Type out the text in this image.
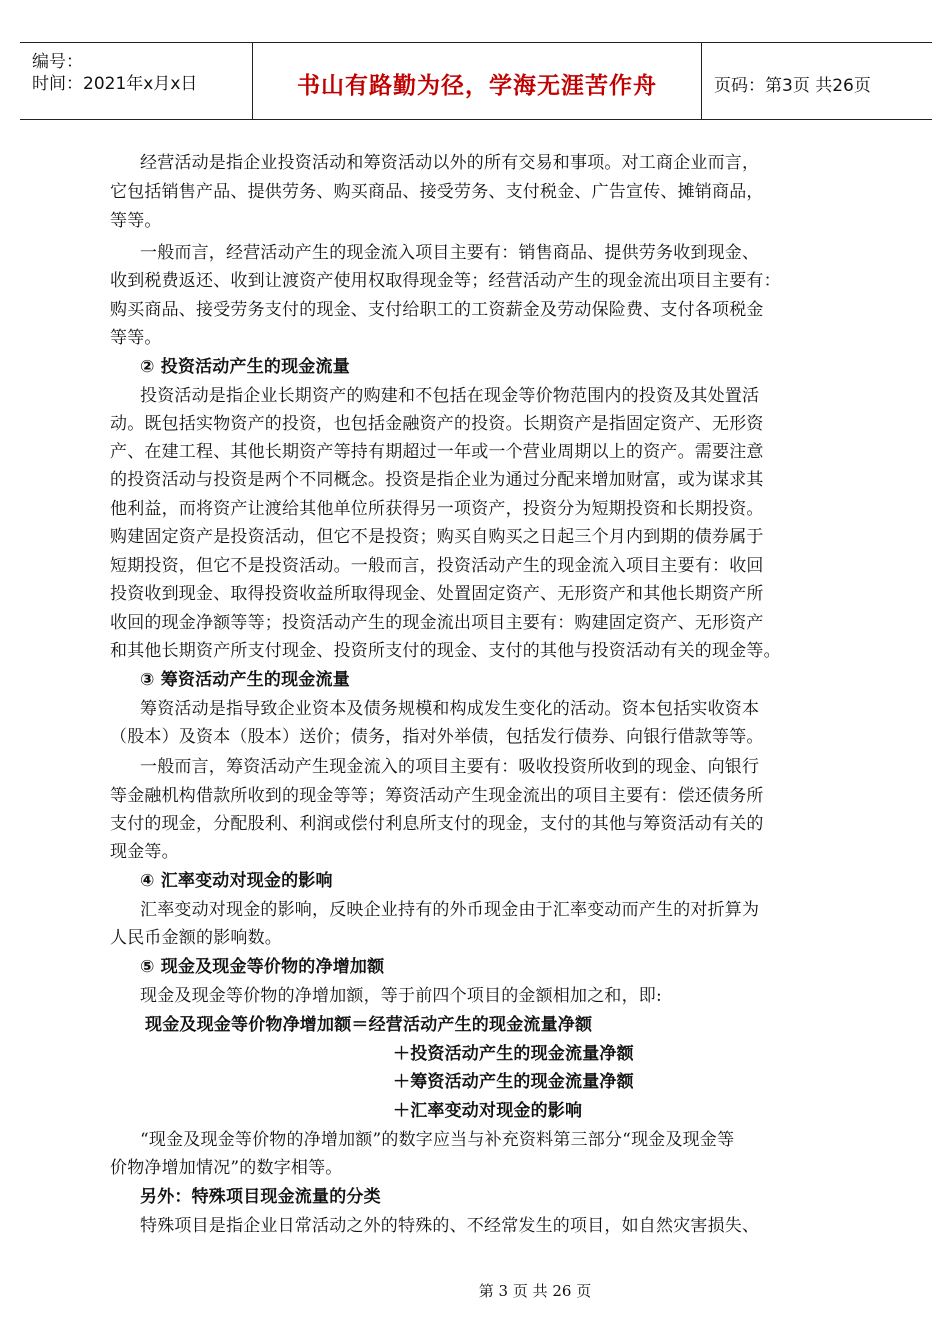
编号：
时间：2021年x月x日	书山有路勤为径，学海无涯苦作舟	页码：第3页 共26页
经营活动是指企业投资活动和筹资活动以外的所有交易和事项。对工商企业而言，
它包括销售产品、提供劳务、购买商品、接受劳务、支付税金、广告宣传、摊销商品，
等等。
一般而言，经营活动产生的现金流入项目主要有：销售商品、提供劳务收到现金、
收到税费返还、收到让渡资产使用权取得现金等；经营活动产生的现金流出项目主要有：
购买商品、接受劳务支付的现金、支付给职工的工资薪金及劳动保险费、支付各项税金
等等。
② 投资活动产生的现金流量
投资活动是指企业长期资产的购建和不包括在现金等价物范围内的投资及其处置活
动。既包括实物资产的投资，也包括金融资产的投资。长期资产是指固定资产、无形资
产、在建工程、其他长期资产等持有期超过一年或一个营业周期以上的资产。需要注意
的投资活动与投资是两个不同概念。投资是指企业为通过分配来增加财富，或为谋求其
他利益，而将资产让渡给其他单位所获得另一项资产，投资分为短期投资和长期投资。
购建固定资产是投资活动，但它不是投资；购买自购买之日起三个月内到期的债券属于
短期投资，但它不是投资活动。一般而言，投资活动产生的现金流入项目主要有：收回
投资收到现金、取得投资收益所取得现金、处置固定资产、无形资产和其他长期资产所
收回的现金净额等等；投资活动产生的现金流出项目主要有：购建固定资产、无形资产
和其他长期资产所支付现金、投资所支付的现金、支付的其他与投资活动有关的现金等。
③ 筹资活动产生的现金流量
筹资活动是指导致企业资本及债务规模和构成发生变化的活动。资本包括实收资本
（股本）及资本（股本）送价；债务，指对外举债，包括发行债券、向银行借款等等。
一般而言，筹资活动产生现金流入的项目主要有：吸收投资所收到的现金、向银行
等金融机构借款所收到的现金等等；筹资活动产生现金流出的项目主要有：偿还债务所
支付的现金，分配股利、利润或偿付利息所支付的现金，支付的其他与筹资活动有关的
现金等。
④ 汇率变动对现金的影响
汇率变动对现金的影响，反映企业持有的外币现金由于汇率变动而产生的对折算为
人民币金额的影响数。
⑤ 现金及现金等价物的净增加额
现金及现金等价物的净增加额，等于前四个项目的金额相加之和，即:
现金及现金等价物净增加额＝经营活动产生的现金流量净额
＋投资活动产生的现金流量净额
＋筹资活动产生的现金流量净额
＋汇率变动对现金的影响
“现金及现金等价物的净增加额”的数字应当与补充资料第三部分“现金及现金等
价物净增加情况”的数字相等。
另外：特殊项目现金流量的分类
特殊项目是指企业日常活动之外的特殊的、不经常发生的项目，如自然灾害损失、
第 3 页 共 26 页
